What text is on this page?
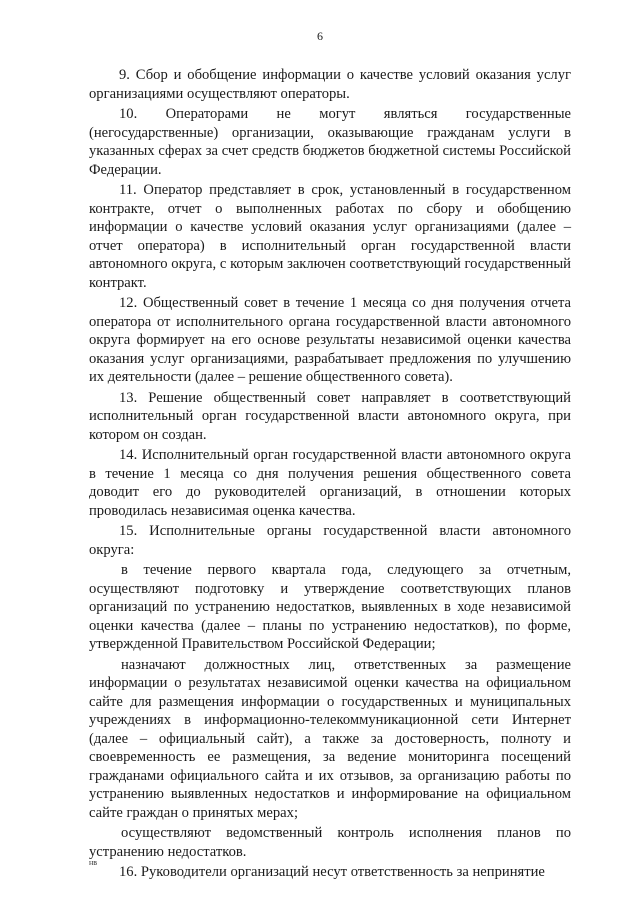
6

9. Сбор и обобщение информации о качестве условий оказания услуг организациями осуществляют операторы.

10. Операторами не могут являться государственные (негосударственные) организации, оказывающие гражданам услуги в указанных сферах за счет средств бюджетов бюджетной системы Российской Федерации.

11. Оператор представляет в срок, установленный в государственном контракте, отчет о выполненных работах по сбору и обобщению информации о качестве условий оказания услуг организациями (далее – отчет оператора) в исполнительный орган государственной власти автономного округа, с которым заключен соответствующий государственный контракт.

12. Общественный совет в течение 1 месяца со дня получения отчета оператора от исполнительного органа государственной власти автономного округа формирует на его основе результаты независимой оценки качества оказания услуг организациями, разрабатывает предложения по улучшению их деятельности (далее – решение общественного совета).

13. Решение общественный совет направляет в соответствующий исполнительный орган государственной власти автономного округа, при котором он создан.

14. Исполнительный орган государственной власти автономного округа в течение 1 месяца со дня получения решения общественного совета доводит его до руководителей организаций, в отношении которых проводилась независимая оценка качества.

15. Исполнительные органы государственной власти автономного округа:

в течение первого квартала года, следующего за отчетным, осуществляют подготовку и утверждение соответствующих планов организаций по устранению недостатков, выявленных в ходе независимой оценки качества (далее – планы по устранению недостатков), по форме, утвержденной Правительством Российской Федерации;

назначают должностных лиц, ответственных за размещение информации о результатах независимой оценки качества на официальном сайте для размещения информации о государственных и муниципальных учреждениях в информационно-телекоммуникационной сети Интернет (далее – официальный сайт), а также за достоверность, полноту и своевременность ее размещения, за ведение мониторинга посещений гражданами официального сайта и их отзывов, за организацию работы по устранению выявленных недостатков и информирование на официальном сайте граждан о принятых мерах;

осуществляют ведомственный контроль исполнения планов по устранению недостатков.

16. Руководители организаций несут ответственность за непринятие

нв
